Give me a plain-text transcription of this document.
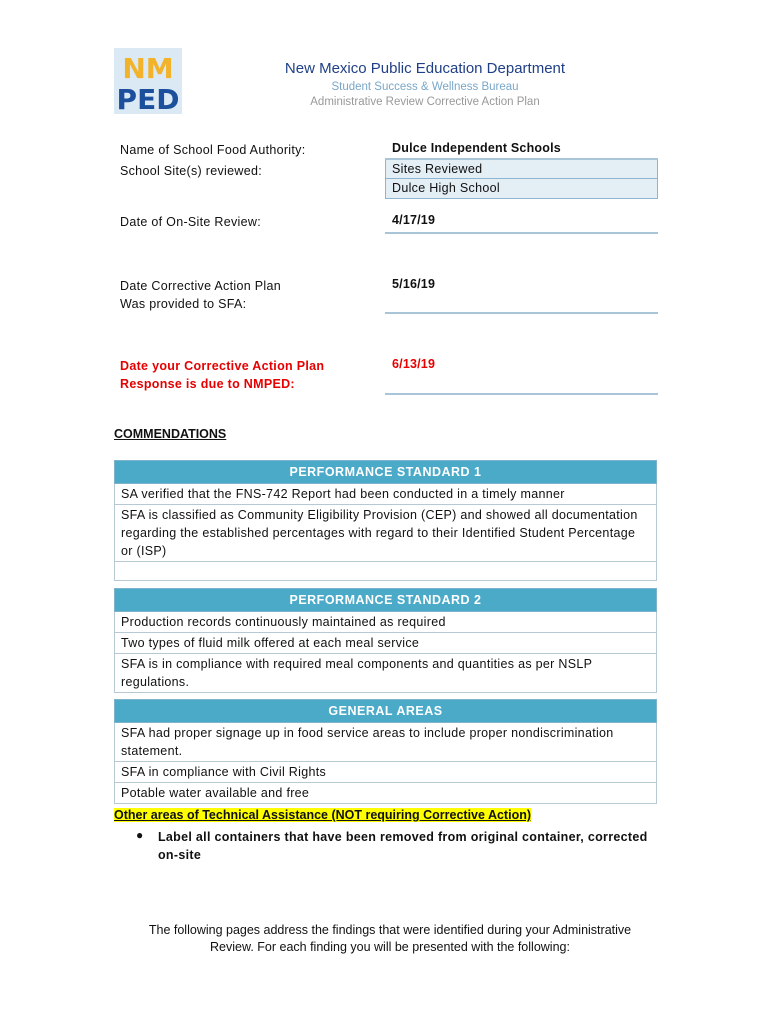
NM
PED
New Mexico Public Education Department
Student Success & Wellness Bureau
Administrative Review Corrective Action Plan
Name of School Food Authority:	Dulce Independent Schools
School Site(s) reviewed:	Sites Reviewed
Dulce High School
Date of On-Site Review:	4/17/19
Date Corrective Action Plan
Was provided to SFA:
5/16/19
Date your Corrective Action Plan
Response is due to NMPED:
6/13/19
COMMENDATIONS
PERFORMANCE STANDARD 1
SA verified that the FNS-742 Report had been conducted in a timely manner
SFA is classified as Community Eligibility Provision (CEP) and showed all documentation regarding the established percentages with regard to their Identified Student Percentage or (ISP)

PERFORMANCE STANDARD 2
Production records continuously maintained as required
Two types of fluid milk offered at each meal service
SFA is in compliance with required meal components and quantities as per NSLP regulations.
GENERAL AREAS
SFA had proper signage up in food service areas to include proper nondiscrimination statement.
SFA in compliance with Civil Rights
Potable water available and free
Other areas of Technical Assistance (NOT requiring Corrective Action)
● Label all containers that have been removed from original container, corrected on-site
The following pages address the findings that were identified during your Administrative Review. For each finding you will be presented with the following:
